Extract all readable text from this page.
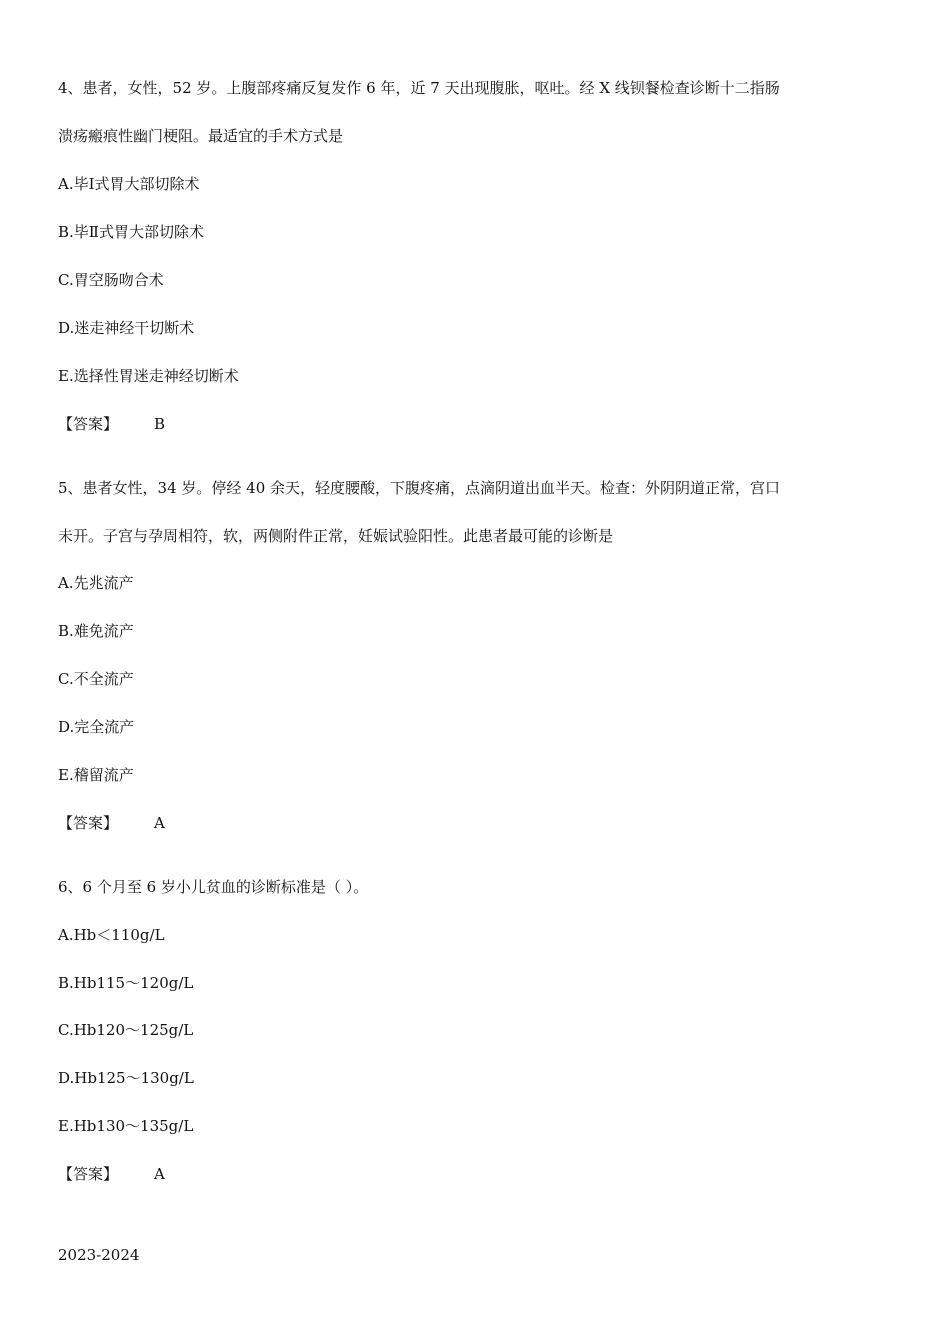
4、患者，女性，52 岁。上腹部疼痛反复发作 6 年，近 7 天出现腹胀，呕吐。经 X 线钡餐检查诊断十二指肠
溃疡瘢痕性幽门梗阻。最适宜的手术方式是
A.毕Ⅰ式胃大部切除术
B.毕Ⅱ式胃大部切除术
C.胃空肠吻合术
D.迷走神经干切断术
E.选择性胃迷走神经切断术
【答案】 B
5、患者女性，34 岁。停经 40 余天，轻度腰酸，下腹疼痛，点滴阴道出血半天。检查：外阴阴道正常，宫口
未开。子宫与孕周相符，软，两侧附件正常，妊娠试验阳性。此患者最可能的诊断是
A.先兆流产
B.难免流产
C.不全流产
D.完全流产
E.稽留流产
【答案】 A
6、6 个月至 6 岁小儿贫血的诊断标准是（ ）。
A.Hb＜110g/L
B.Hb115～120g/L
C.Hb120～125g/L
D.Hb125～130g/L
E.Hb130～135g/L
【答案】 A
2023-2024
